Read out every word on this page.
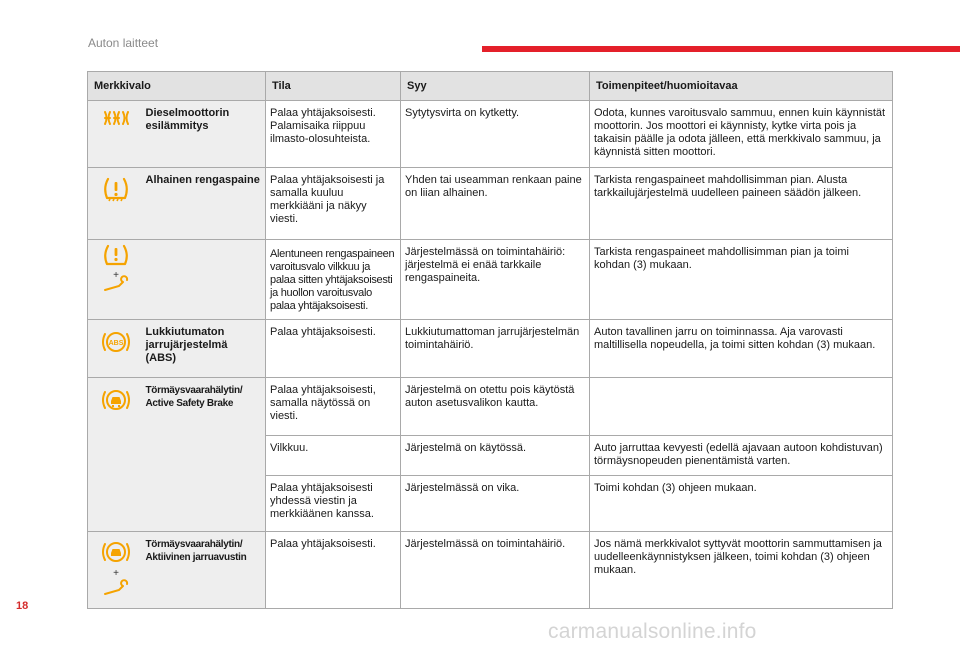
Auton laitteet
Merkkivalo		Tila	Syy	Toimenpiteet/huomioitavaa
	Dieselmoottorin esilämmitys	Palaa yhtäjaksoisesti. Palamisaika riippuu ilmasto-olosuhteista.	Sytytysvirta on kytketty.	Odota, kunnes varoitusvalo sammuu, ennen kuin käynnistät moottorin. Jos moottori ei käynnisty, kytke virta pois ja takaisin päälle ja odota jälleen, että merkkivalo sammuu, ja käynnistä sitten moottori.
	Alhainen rengaspaine	Palaa yhtäjaksoisesti ja samalla kuuluu merkkiääni ja näkyy viesti.	Yhden tai useamman renkaan paine on liian alhainen.	Tarkista rengaspaineet mahdollisimman pian. Alusta tarkkailujärjestelmä uudelleen paineen säädön jälkeen.

+		Alentuneen rengaspaineen varoitusvalo vilkkuu ja palaa sitten yhtäjaksoisesti ja huollon varoitusvalo palaa yhtäjaksoisesti.	Järjestelmässä on toimintahäiriö: järjestelmä ei enää tarkkaile rengaspaineita.	Tarkista rengaspaineet mahdollisimman pian ja toimi kohdan (3) mukaan.

ABS	Lukkiutumaton jarrujärjestelmä (ABS)	Palaa yhtäjaksoisesti.	Lukkiutumattoman jarrujärjestelmän toimintahäiriö.	Auton tavallinen jarru on toiminnassa. Aja varovasti maltillisella nopeudella, ja toimi sitten kohdan (3) mukaan.
	Törmäysvaarahälytin/ Active Safety Brake	Palaa yhtäjaksoisesti, samalla näytössä on viesti.	Järjestelmä on otettu pois käytöstä auton asetusvalikon kautta.	
		Vilkkuu.	Järjestelmä on käytössä.	Auto jarruttaa kevyesti (edellä ajavaan autoon kohdistuvan) törmäysnopeuden pienentämistä varten.
		Palaa yhtäjaksoisesti yhdessä viestin ja merkkiäänen kanssa.	Järjestelmässä on vika.	Toimi kohdan (3) ohjeen mukaan.

+	Törmäysvaarahälytin/ Aktiivinen jarruavustin	Palaa yhtäjaksoisesti.	Järjestelmässä on toimintahäiriö.	Jos nämä merkkivalot syttyvät moottorin sammuttamisen ja uudelleenkäynnistyksen jälkeen, toimi kohdan (3) ohjeen mukaan.
18
carmanualsonline.info
